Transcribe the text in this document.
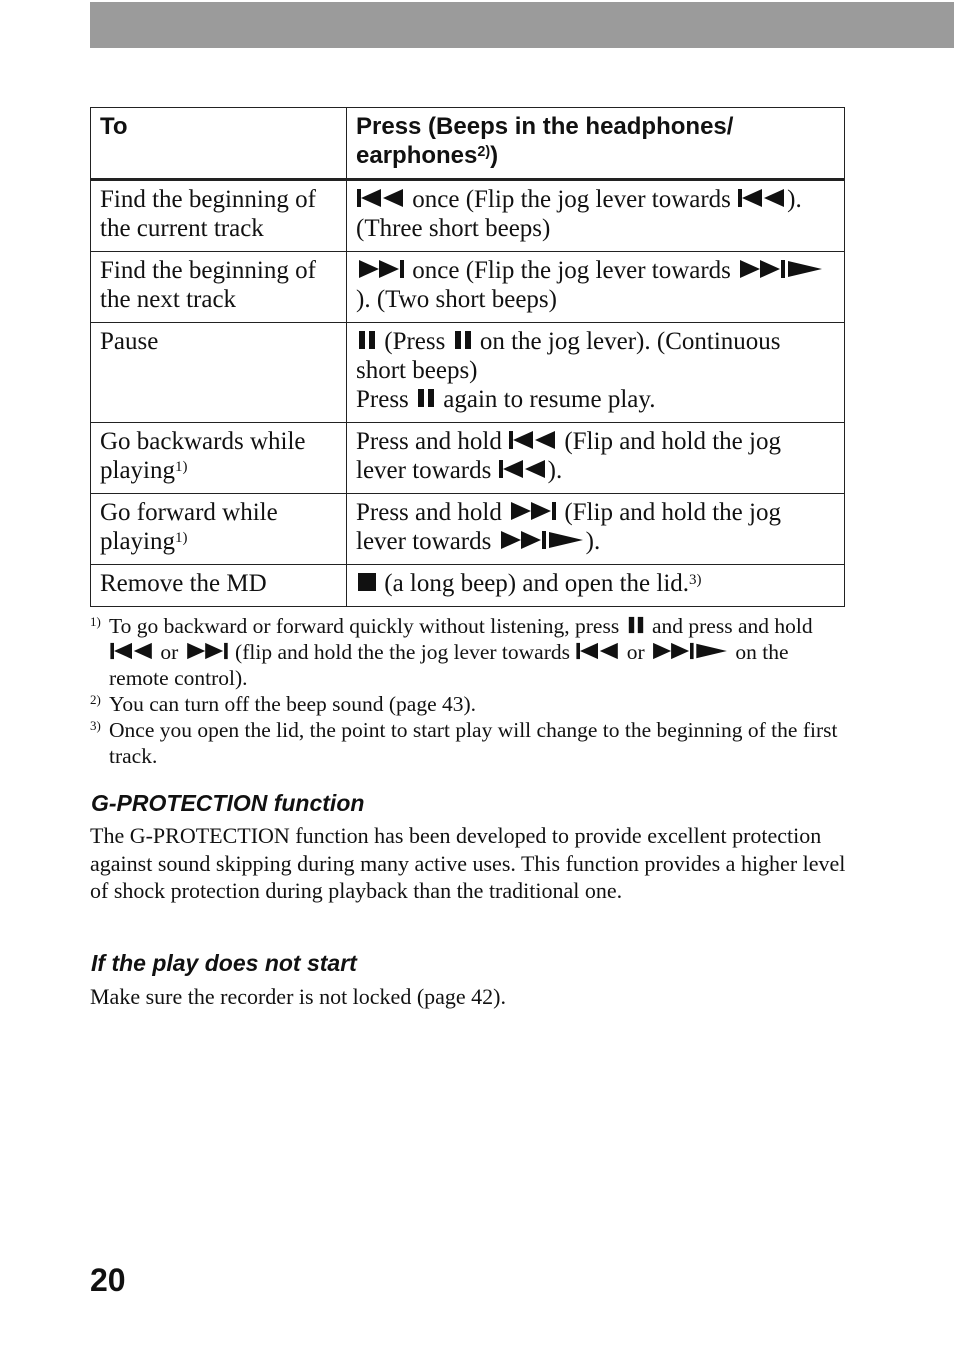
To	Press (Beeps in the headphones/ earphones$^{2)}$)
Find the beginning of the current track	once (Flip the jog lever towards ). (Three short beeps)
Find the beginning of the next track	once (Flip the jog lever towards ). (Two short beeps)
Pause	(Press on the jog lever). (Continuous short beeps)
Press again to resume play.
Go backwards while playing$^{1)}$	Press and hold (Flip and hold the jog lever towards ).
Go forward while playing$^{1)}$	Press and hold (Flip and hold the jog lever towards ).
Remove the MD	(a long beep) and open the lid.$^{3)}$
1) To go backward or forward quickly without listening, press and press and hold  or	(flip and hold the the jog lever towards	or	on the remote control).
2) You can turn off the beep sound (page 43).
3) Once you open the lid, the point to start play will change to the beginning of the first track.
G-PROTECTION function
The G-PROTECTION function has been developed to provide excellent protection against sound skipping during many active uses. This function provides a higher level of shock protection during playback than the traditional one.
If the play does not start
Make sure the recorder is not locked (page 42).
20
